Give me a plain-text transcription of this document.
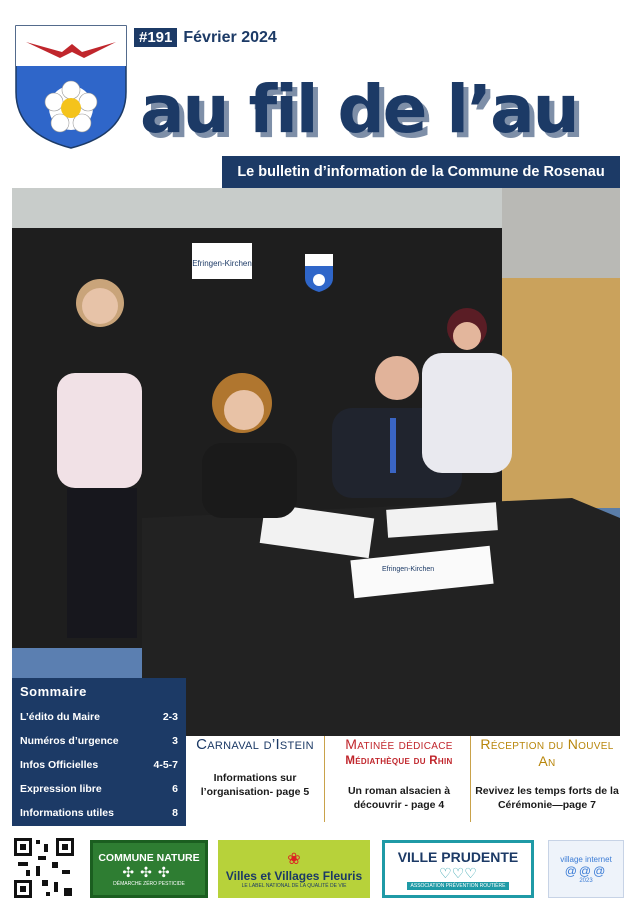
#191 Février 2024
au fil de l’au
Le bulletin d’information de la Commune de Rosenau
Efringen-Kirchen
Efringen-Kirchen
Sommaire
L’édito du Maire	2-3
Numéros d’urgence	3
Infos Officielles	4-5-7
Expression libre	6
Informations utiles	8
Carnaval d’Istein
Informations sur l’organisation- page 5
Matinée dédicace
Médiathèque du Rhin
Un roman alsacien à découvrir - page 4
Réception du Nouvel An
Revivez les temps forts de la Cérémonie—page 7
COMMUNE NATURE
✣✣✣
DÉMARCHE ZÉRO PESTICIDE
❀
Villes et Villages Fleuris
LE LABEL NATIONAL DE LA QUALITÉ DE VIE
VILLE PRUDENTE
♡♡♡
ASSOCIATION PRÉVENTION ROUTIÈRE
village internet
@@@
2023
